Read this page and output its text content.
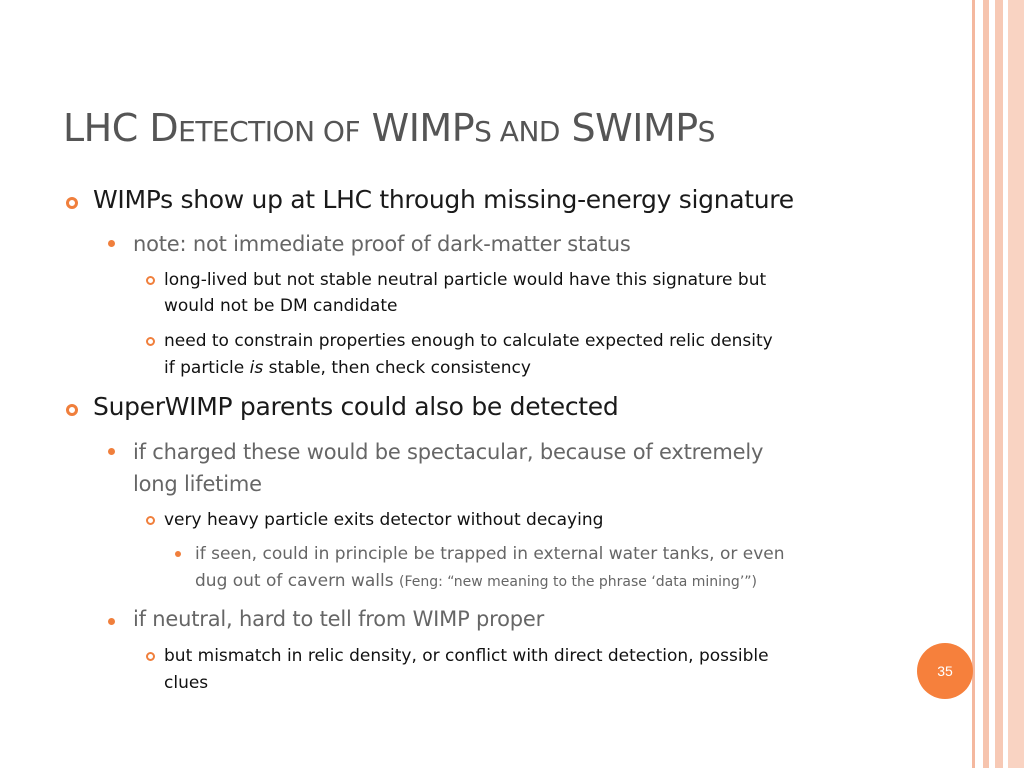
LHC DETECTION OF WIMPS AND SWIMPS

WIMPs show up at LHC through missing-energy signature

note: not immediate proof of dark-matter status

long-lived but not stable neutral particle would have this signature but

would not be DM candidate

need to constrain properties enough to calculate expected relic density

if particle is stable, then check consistency

SuperWIMP parents could also be detected

if charged these would be spectacular, because of extremely

long lifetime

very heavy particle exits detector without decaying

if seen, could in principle be trapped in external water tanks, or even

dug out of cavern walls (Feng: “new meaning to the phrase ‘data mining’”)

if neutral, hard to tell from WIMP proper

but mismatch in relic density, or conflict with direct detection, possible

clues

35
